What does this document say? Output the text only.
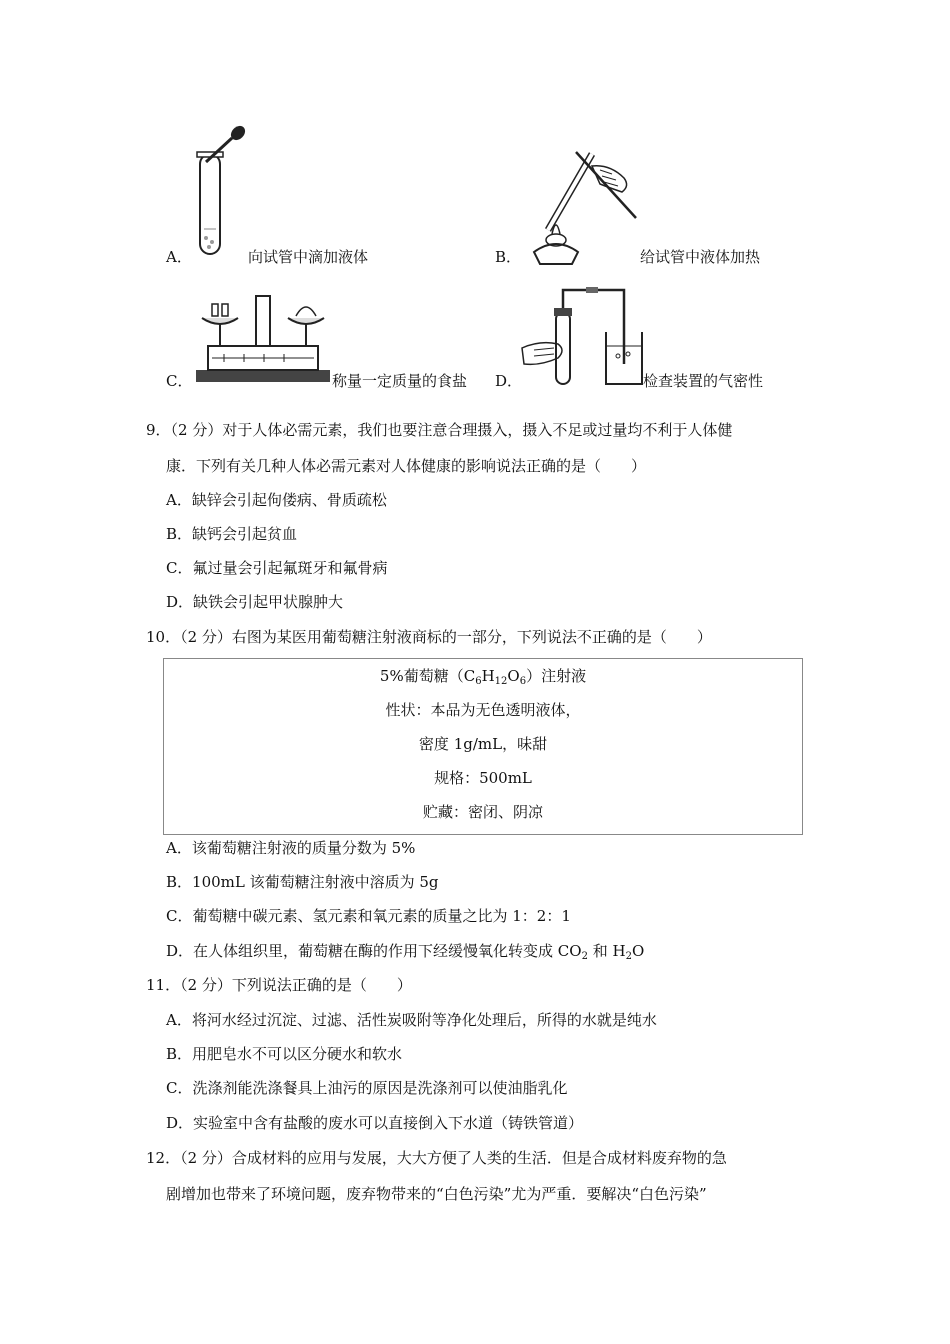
A．	向试管中滴加液体	B．	给试管中液体加热
C．	称量一定质量的食盐 D．	检查装置的气密性
9．（2 分）对于人体必需元素，我们也要注意合理摄入，摄入不足或过量均不利于人体健
康．下列有关几种人体必需元素对人体健康的影响说法正确的是（　　）
A．缺锌会引起佝偻病、骨质疏松
B．缺钙会引起贫血
C．氟过量会引起氟斑牙和氟骨病
D．缺铁会引起甲状腺肿大
10．（2 分）右图为某医用葡萄糖注射液商标的一部分，下列说法不正确的是（　　）
5%葡萄糖$(C_6H_{12}O_6)$注射液
性状：本品为无色透明液体，
密度 1g/mL，味甜
规格：500mL
贮藏：密闭、阴凉
A．该葡萄糖注射液的质量分数为 5%
B．100mL 该葡萄糖注射液中溶质为 5g
C．葡萄糖中碳元素、氢元素和氧元素的质量之比为 1：2：1
D．在人体组织里，葡萄糖在酶的作用下经缓慢氧化转变成 $CO_2$ 和 $H_2O$
11．（2 分）下列说法正确的是（　　）
A．将河水经过沉淀、过滤、活性炭吸附等净化处理后，所得的水就是纯水
B．用肥皂水不可以区分硬水和软水
C．洗涤剂能洗涤餐具上油污的原因是洗涤剂可以使油脂乳化
D．实验室中含有盐酸的废水可以直接倒入下水道（铸铁管道）
12．（2 分）合成材料的应用与发展，大大方便了人类的生活．但是合成材料废弃物的急
剧增加也带来了环境问题，废弃物带来的“白色污染”尤为严重．要解决“白色污染”
